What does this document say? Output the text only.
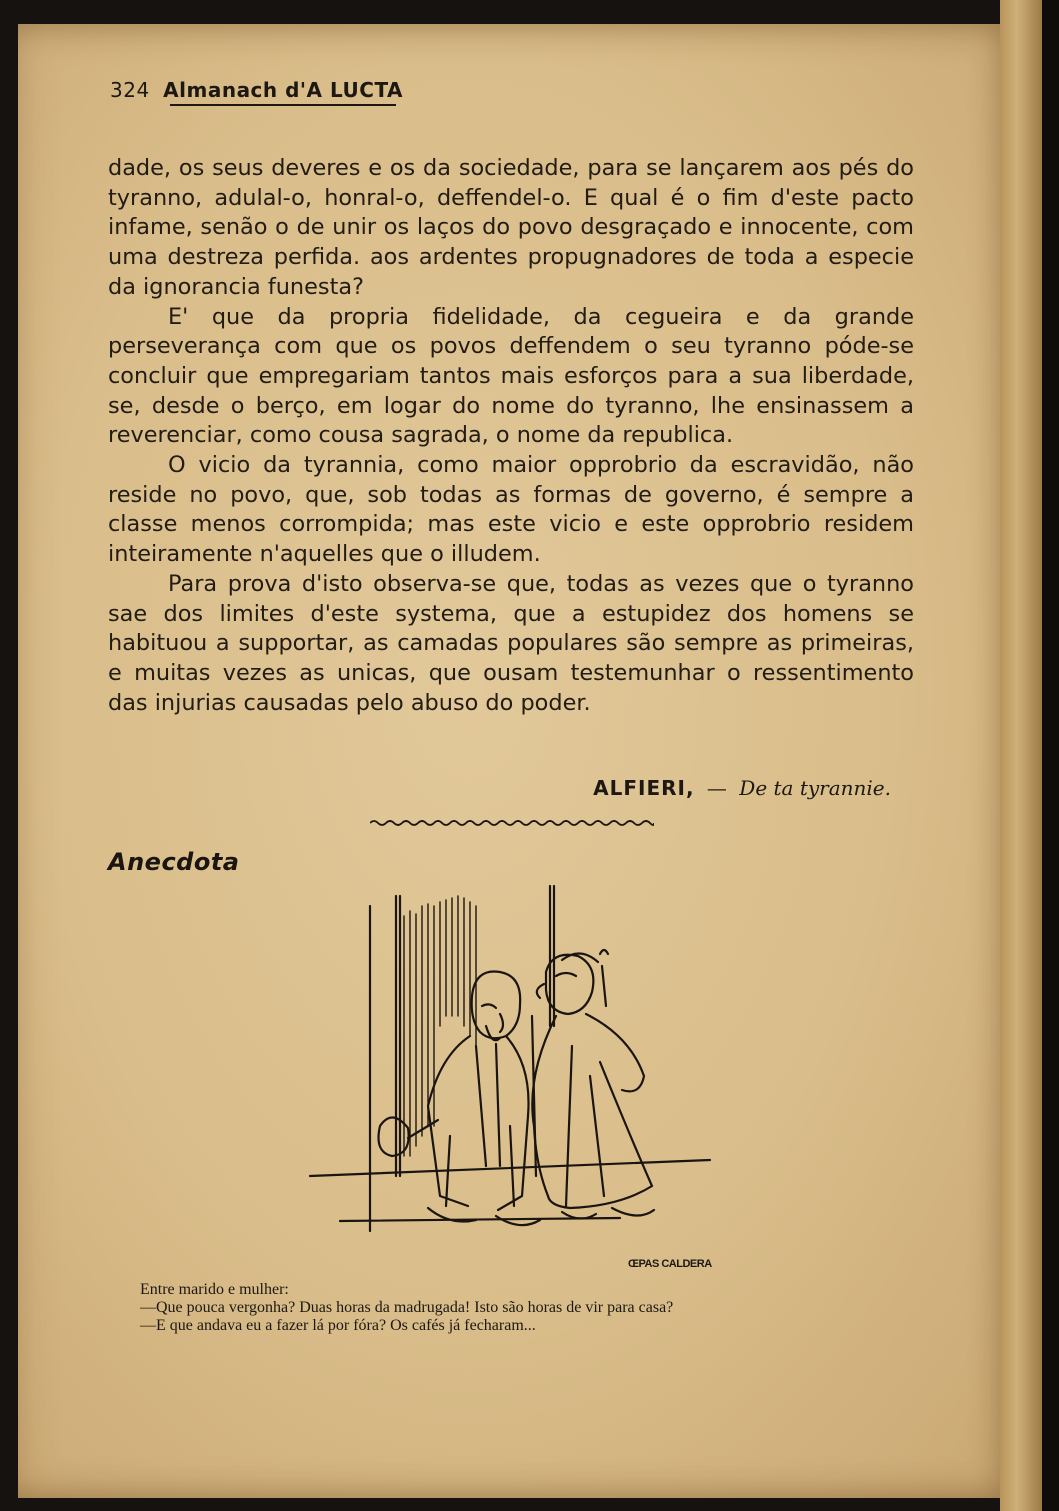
324 Almanach d'A LUCTA

dade, os seus deveres e os da sociedade, para se lançarem aos pés do tyranno, adulal-o, honral-o, deffendel-o. E qual é o fim d'este pacto infame, senão o de unir os laços do povo desgraçado e innocente, com uma destreza perfida. aos ardentes propugnadores de toda a especie da ignorancia funesta?

E' que da propria fidelidade, da cegueira e da grande perseverança com que os povos deffendem o seu tyranno póde-se concluir que empregariam tantos mais esforços para a sua liberdade, se, desde o berço, em logar do nome do tyranno, lhe ensinassem a reverenciar, como cousa sagrada, o nome da republica.

O vicio da tyrannia, como maior opprobrio da escravidão, não reside no povo, que, sob todas as formas de governo, é sempre a classe menos corrompida; mas este vicio e este opprobrio residem inteiramente n'aquelles que o illudem.

Para prova d'isto observa-se que, todas as vezes que o tyranno sae dos limites d'este systema, que a estupidez dos homens se habituou a supportar, as camadas populares são sempre as primeiras, e muitas vezes as unicas, que ousam testemunhar o ressentimento das injurias causadas pelo abuso do poder.

ALFIERI, — De ta tyrannie.
Anecdota
ŒPAS CALDERA
Entre marido e mulher:
—Que pouca vergonha? Duas horas da madrugada! Isto são horas de vir para casa?
—E que andava eu a fazer lá por fóra? Os cafés já fecharam...
